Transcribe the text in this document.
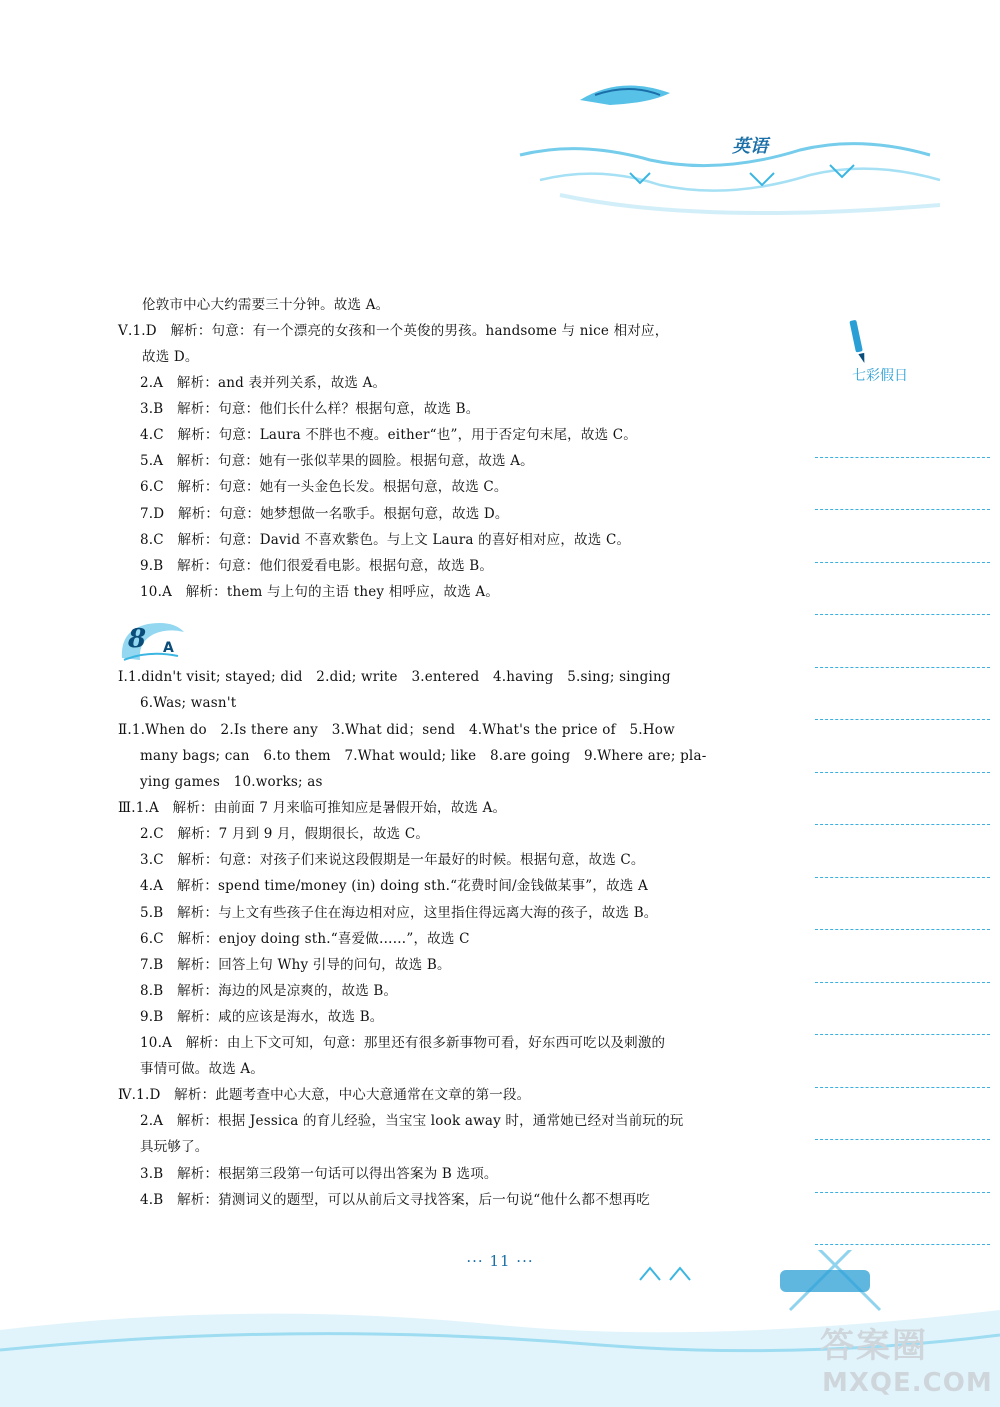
英语
七彩假日
伦敦市中心大约需要三十分钟。故选 A。
Ⅴ.1.D　解析：句意：有一个漂亮的女孩和一个英俊的男孩。handsome 与 nice 相对应，
故选 D。
2.A　解析：and 表并列关系，故选 A。
3.B　解析：句意：他们长什么样？根据句意，故选 B。
4.C　解析：句意：Laura 不胖也不瘦。either“也”，用于否定句末尾，故选 C。
5.A　解析：句意：她有一张似苹果的圆脸。根据句意，故选 A。
6.C　解析：句意：她有一头金色长发。根据句意，故选 C。
7.D　解析：句意：她梦想做一名歌手。根据句意，故选 D。
8.C　解析：句意：David 不喜欢紫色。与上文 Laura 的喜好相对应，故选 C。
9.B　解析：句意：他们很爱看电影。根据句意，故选 B。
10.A　解析：them 与上句的主语 they 相呼应，故选 A。
8 A
Ⅰ.1.didn't visit; stayed; did　2.did; write　3.entered　4.having　5.sing; singing
6.Was; wasn't
Ⅱ.1.When do　2.Is there any　3.What did；send　4.What's the price of　5.How
many bags; can　6.to them　7.What would; like　8.are going　9.Where are; pla-
ying games　10.works; as
Ⅲ.1.A　解析：由前面 7 月来临可推知应是暑假开始，故选 A。
2.C　解析：7 月到 9 月，假期很长，故选 C。
3.C　解析：句意：对孩子们来说这段假期是一年最好的时候。根据句意，故选 C。
4.A　解析：spend time/money (in) doing sth.“花费时间/金钱做某事”，故选 A
5.B　解析：与上文有些孩子住在海边相对应，这里指住得远离大海的孩子，故选 B。
6.C　解析：enjoy doing sth.“喜爱做……”，故选 C
7.B　解析：回答上句 Why 引导的问句，故选 B。
8.B　解析：海边的风是凉爽的，故选 B。
9.B　解析：咸的应该是海水，故选 B。
10.A　解析：由上下文可知，句意：那里还有很多新事物可看，好东西可吃以及刺激的
事情可做。故选 A。
Ⅳ.1.D　解析：此题考查中心大意，中心大意通常在文章的第一段。
2.A　解析：根据 Jessica 的育儿经验，当宝宝 look away 时，通常她已经对当前玩的玩
具玩够了。
3.B　解析：根据第三段第一句话可以得出答案为 B 选项。
4.B　解析：猜测词义的题型，可以从前后文寻找答案，后一句说“他什么都不想再吃
··· 11 ···
答案圈
MXQE.COM
